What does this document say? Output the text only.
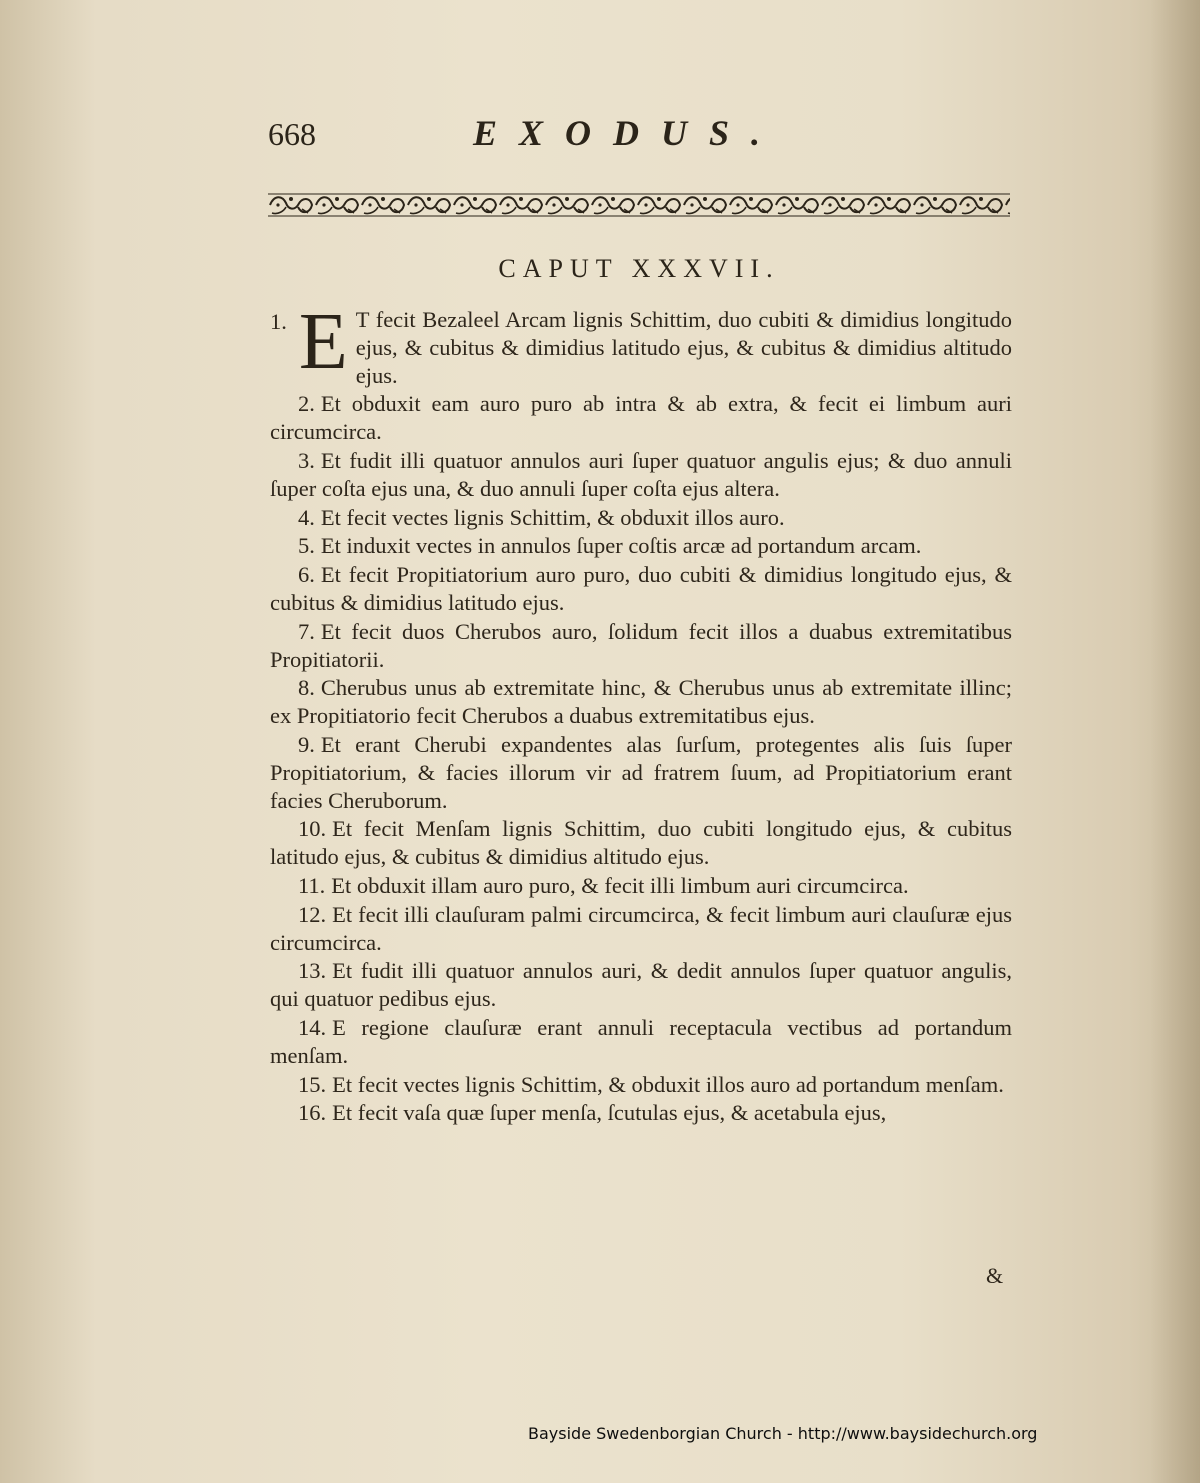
668	EXODUS.
CAPUT XXXVII.

1. E T fecit Bezaleel Arcam lignis Schittim, duo cubiti & dimidius longitudo ejus, & cubitus & dimidius latitudo ejus, & cubitus & dimidius altitudo ejus.

2. Et obduxit eam auro puro ab intra & ab extra, & fecit ei limbum auri circumcirca.

3. Et fudit illi quatuor annulos auri ſuper quatuor angulis ejus; & duo annuli ſuper coſta ejus una, & duo annuli ſuper coſta ejus altera.

4. Et fecit vectes lignis Schittim, & obduxit illos auro.

5. Et induxit vectes in annulos ſuper coſtis arcæ ad portandum arcam.

6. Et fecit Propitiatorium auro puro, duo cubiti & dimidius longitudo ejus, & cubitus & dimidius latitudo ejus.

7. Et fecit duos Cherubos auro, ſolidum fecit illos a duabus extremitatibus Propitiatorii.

8. Cherubus unus ab extremitate hinc, & Cherubus unus ab extremitate illinc; ex Propitiatorio fecit Cherubos a duabus extremitatibus ejus.

9. Et erant Cherubi expandentes alas ſurſum, protegentes alis ſuis ſuper Propitiatorium, & facies illorum vir ad fratrem ſuum, ad Propitiatorium erant facies Cheruborum.

10. Et fecit Menſam lignis Schittim, duo cubiti longitudo ejus, & cubitus latitudo ejus, & cubitus & dimidius altitudo ejus.

11. Et obduxit illam auro puro, & fecit illi limbum auri circumcirca.

12. Et fecit illi clauſuram palmi circumcirca, & fecit limbum auri clauſuræ ejus circumcirca.

13. Et fudit illi quatuor annulos auri, & dedit annulos ſuper quatuor angulis, qui quatuor pedibus ejus.

14. E regione clauſuræ erant annuli receptacula vectibus ad portandum menſam.

15. Et fecit vectes lignis Schittim, & obduxit illos auro ad portandum menſam.

16. Et fecit vaſa quæ ſuper menſa, ſcutulas ejus, & acetabula ejus,

&
Bayside Swedenborgian Church - http://www.baysidechurch.org
